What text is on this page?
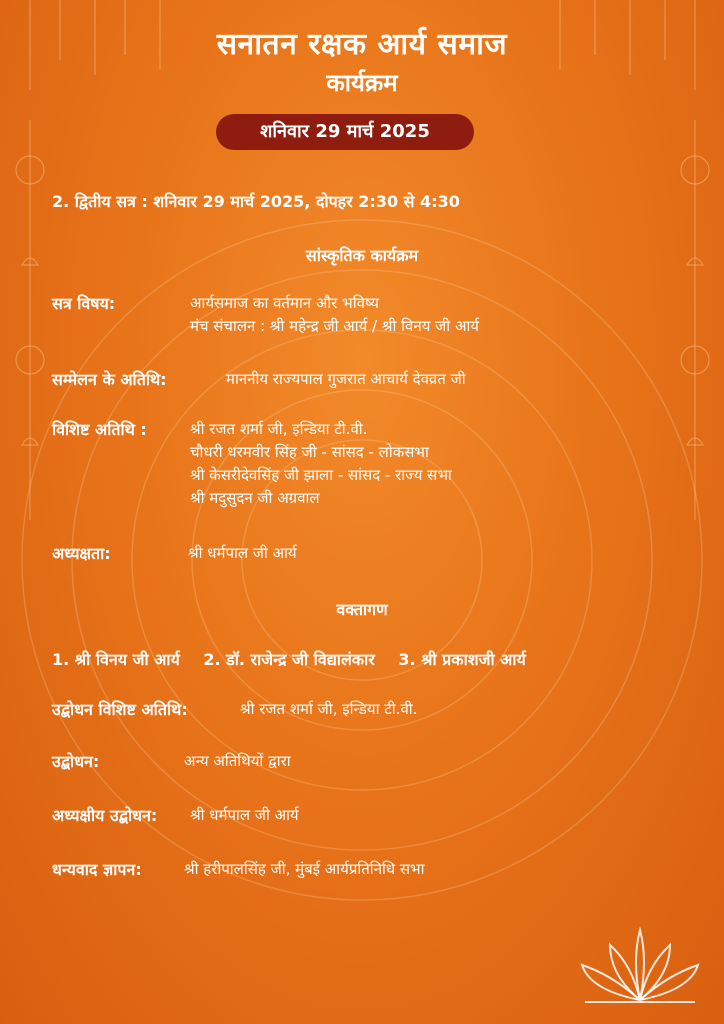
सनातन रक्षक आर्य समाज
कार्यक्रम
शनिवार 29 मार्च 2025
2. द्वितीय सत्र : शनिवार 29 मार्च 2025, दोपहर 2:30 से 4:30
सांस्कृतिक कार्यक्रम
सत्र विषय:	आर्यसमाज का वर्तमान और भविष्य
मंच संचालन : श्री महेन्द्र जी आर्य / श्री विनय जी आर्य
सम्मेलन के अतिथि:	माननीय राज्यपाल गुजरात आचार्य देवव्रत जी
विशिष्ट अतिथि :	श्री रजत शर्मा जी, इन्डिया टी.वी.
चौधरी धरमवीर सिंह जी - सांसद - लोकसभा
श्री केसरीदेवसिंह जी झाला - सांसद - राज्य सभा
श्री मदुसुदन जी अग्रवाल
अध्यक्षता:	श्री धर्मपाल जी आर्य
वक्तागण
1. श्री विनय जी आर्य 2. डॉ. राजेन्द्र जी विद्यालंकार 3. श्री प्रकाशजी आर्य
उद्बोधन विशिष्ट अतिथि:	श्री रजत शर्मा जी, इन्डिया टी.वी.
उद्बोधन:	अन्य अतिथियों द्वारा
अध्यक्षीय उद्बोधन: श्री धर्मपाल जी आर्य
धन्यवाद ज्ञापन:	श्री हरीपालसिंह जी, मुंबई आर्यप्रतिनिधि सभा
